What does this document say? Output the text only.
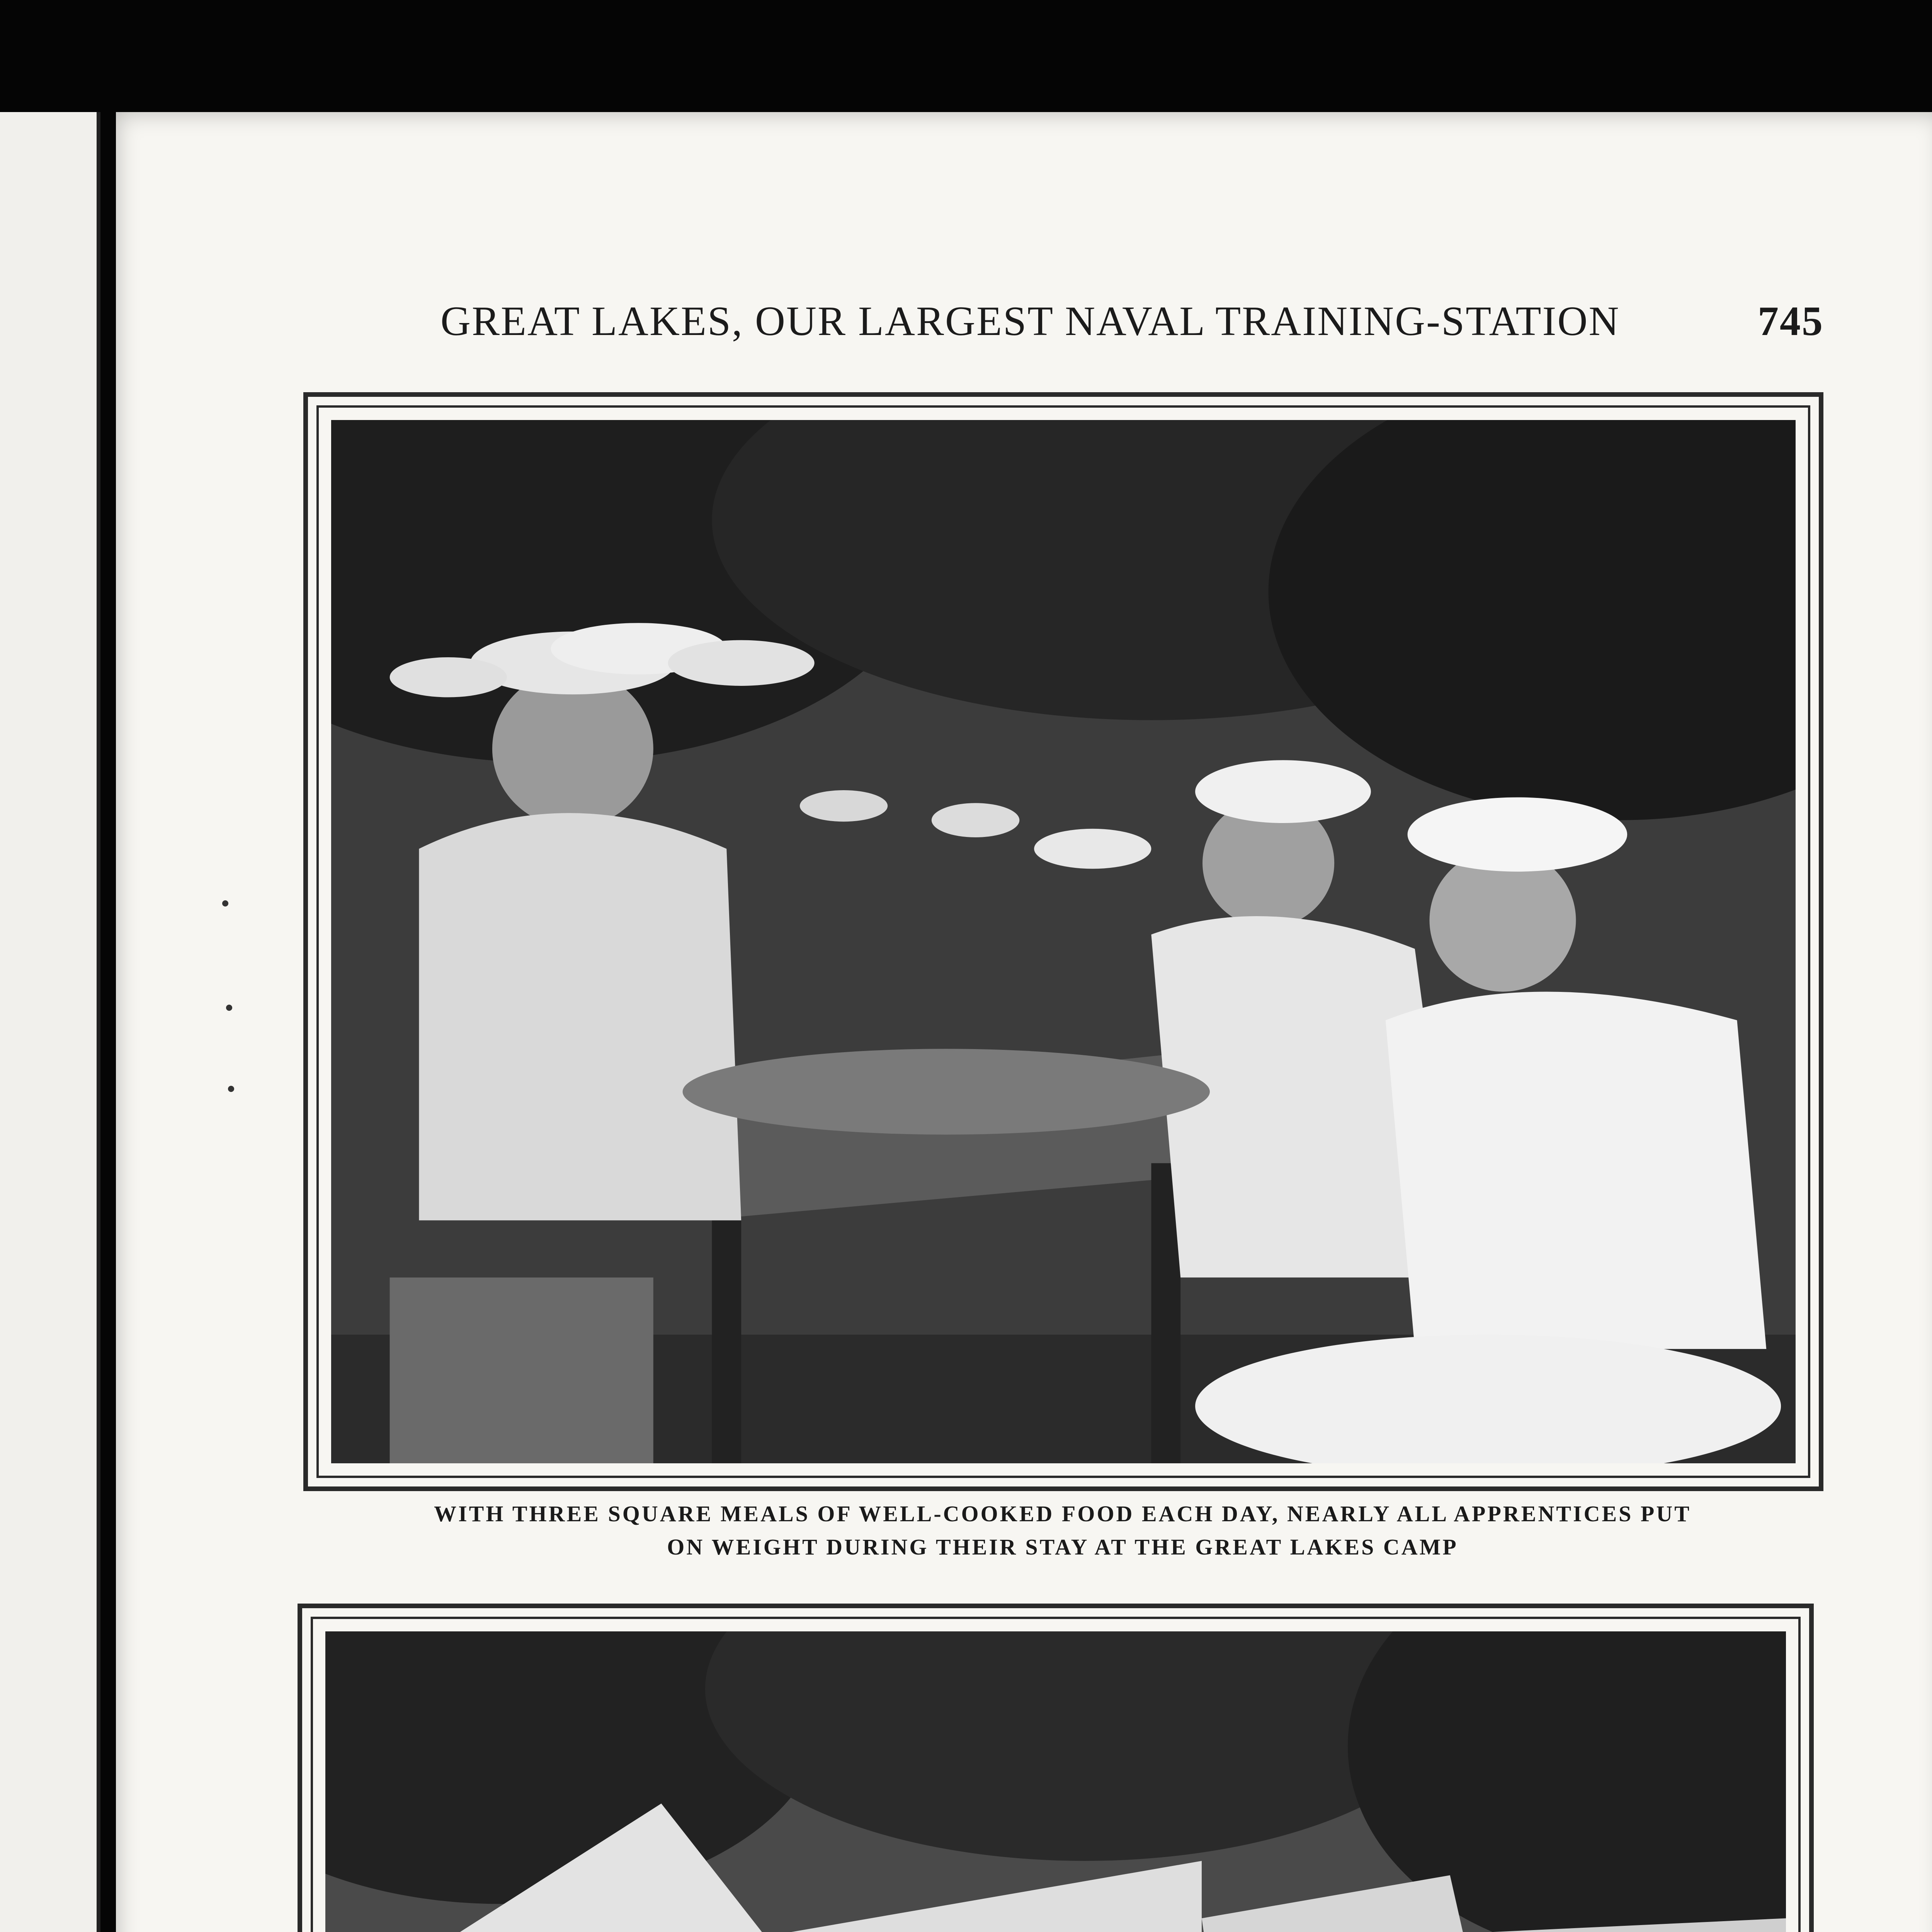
GREAT LAKES, OUR LARGEST NAVAL TRAINING-STATION	745
WITH THREE SQUARE MEALS OF WELL-COOKED FOOD EACH DAY, NEARLY ALL APPRENTICES PUT
ON WEIGHT DURING THEIR STAY AT THE GREAT LAKES CAMP
